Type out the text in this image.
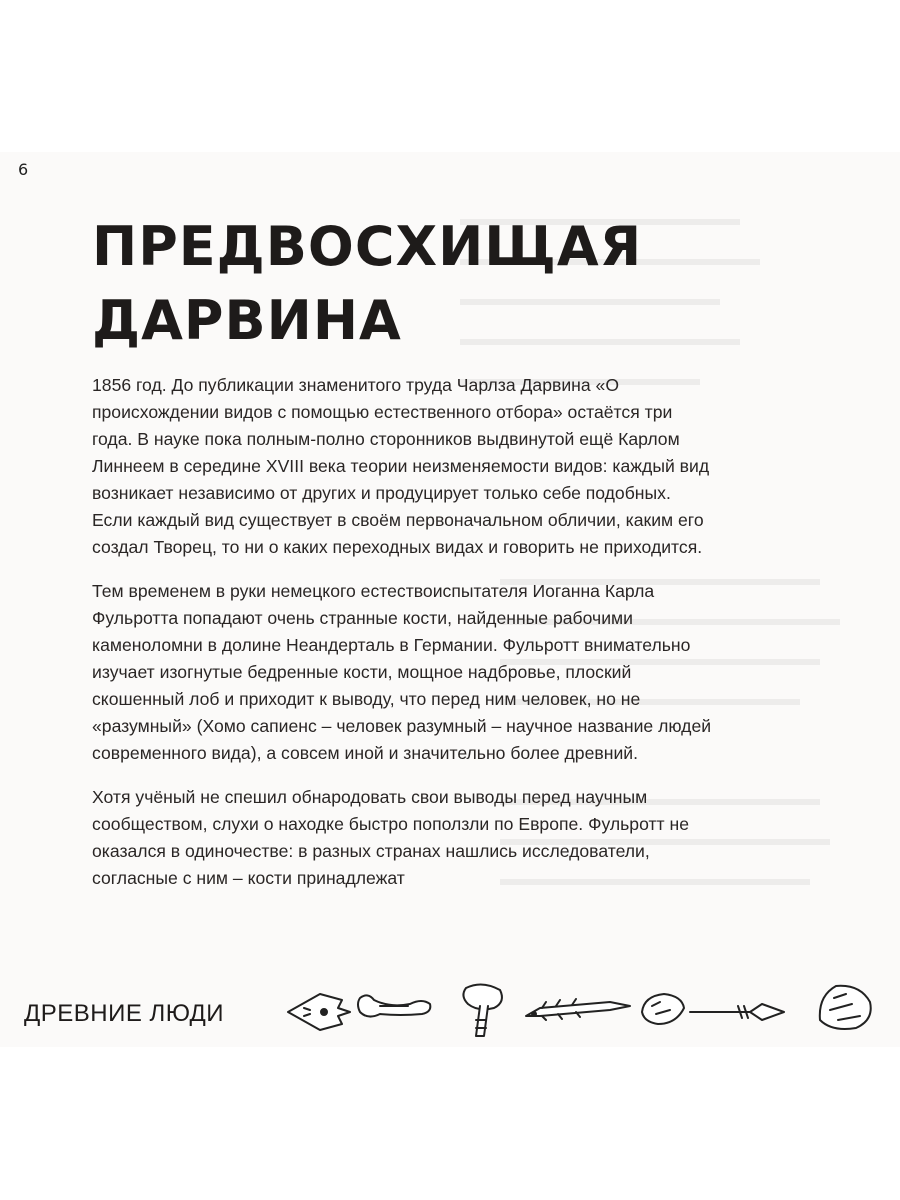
6
ПРЕДВОСХИЩАЯ
ДАРВИНА

1856 год. До публикации знаменитого труда Чарлза Дарвина «О происхождении видов с помощью естественного отбора» остаётся три года. В науке пока полным-полно сторонников выдвинутой ещё Карлом Линнеем в середине XVIII века теории неизменяемости видов: каждый вид возникает независимо от других и продуцирует только себе подобных. Если каждый вид существует в своём первоначальном обличии, каким его создал Творец, то ни о каких переходных видах и говорить не приходится.

Тем временем в руки немецкого естествоиспытателя Иоганна Карла Фульротта попадают очень странные кости, найденные рабочими каменоломни в долине Неандерталь в Германии. Фульротт внимательно изучает изогнутые бедренные кости, мощное надбровье, плоский скошенный лоб и приходит к выводу, что перед ним человек, но не «разумный» (Хомо сапиенс – человек разумный – научное название людей современного вида), а совсем иной и значительно более древний.

Хотя учёный не спешил обнародовать свои выводы перед научным сообществом, слухи о находке быстро поползли по Европе. Фульротт не оказался в одиночестве: в разных странах нашлись исследователи, согласные с ним – кости принадлежат

ДРЕВНИЕ ЛЮДИ
